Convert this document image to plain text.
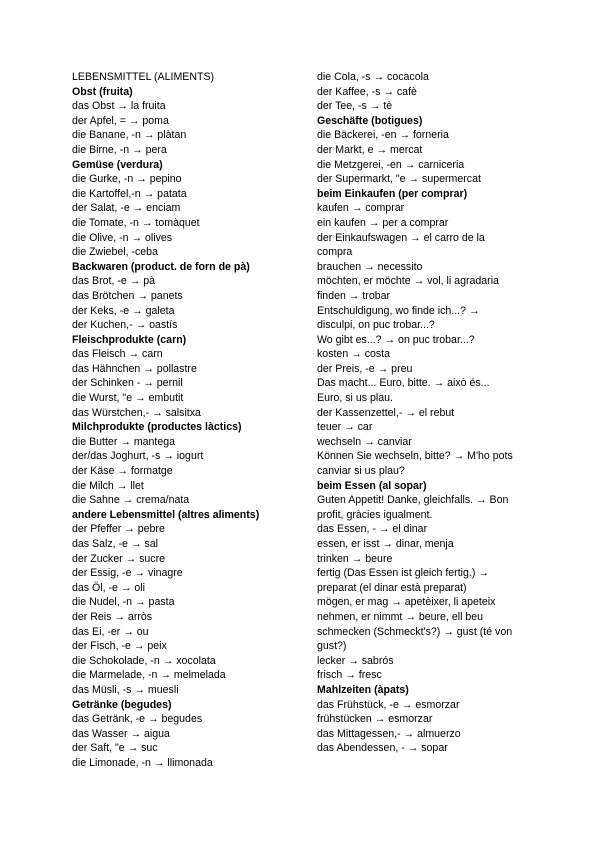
LEBENSMITTEL (ALIMENTS)
Obst (fruita)
das Obst → la fruita
der Apfel, = → poma
die Banane, -n → plàtan
die Birne, -n → pera
Gemüse (verdura)
die Gurke, -n → pepino
die Kartoffel,-n → patata
der Salat, -e → enciam
die Tomate, -n → tomàquet
die Olive, -n → olives
die Zwiebel, -ceba
Backwaren (product. de forn de pà)
das Brot, -e → pà
das Brötchen → panets
der Keks, -e → galeta
der Kuchen,- → oastís
Fleischprodukte (carn)
das Fleisch → carn
das Hähnchen → pollastre
der Schinken - → pernil
die Wurst, "e → embutit
das Würstchen,- → salsitxa
Milchprodukte (productes làctics)
die Butter → mantega
der/das Joghurt, -s → iogurt
der Käse → formatge
die Milch → llet
die Sahne → crema/nata
andere Lebensmittel (altres aliments)
der Pfeffer → pebre
das Salz, -e → sal
der Zucker → sucre
der Essig, -e → vinagre
das Öl, -e → oli
die Nudel, -n → pasta
der Reis → arròs
das Ei, -er → ou
der Fisch, -e → peix
die Schokolade, -n → xocolata
die Marmelade, -n → melmelada
das Müsli, -s → muesli
Getränke (begudes)
das Getränk, -e → begudes
das Wasser → aigua
der Saft, "e → suc
die Limonade, -n → llimonada
die Cola, -s → cocacola
der Kaffee, -s → cafè
der Tee, -s → tè
Geschäfte (botigues)
die Bäckerei, -en → forneria
der Markt, e → mercat
die Metzgerei, -en → carniceria
der Supermarkt, "e → supermercat
beim Einkaufen (per comprar)
kaufen → comprar
ein kaufen → per a comprar
der Einkaufswagen → el carro de la
compra
brauchen → necessito
möchten, er möchte → vol, li agradaria
finden → trobar
Entschuldigung, wo finde ich...? →
disculpi, on puc trobar...?
Wo gibt es...? → on puc trobar...?
kosten → costa
der Preis, -e → preu
Das macht... Euro, bitte. → això és...
Euro, si us plau.
der Kassenzettel,- → el rebut
teuer → car
wechseln → canviar
Können Sie wechseln, bitte? → M'ho pots
canviar si us plau?
beim Essen (al sopar)
Guten Appetit! Danke, gleichfalls. → Bon
profit, gràcies igualment.
das Essen, - → el dinar
essen, er isst → dinar, menja
trinken → beure
fertig (Das Essen ist gleich fertig.) →
preparat (el dinar està preparat)
mögen, er mag → apetèixer, li apeteix
nehmen, er nimmt → beure, ell beu
schmecken (Schmeckt's?) → gust (té von
gust?)
lecker → sabrós
frisch → fresc
Mahlzeiten (àpats)
das Frühstück, -e → esmorzar
frühstücken → esmorzar
das Mittagessen,- → almuerzo
das Abendessen, - → sopar
